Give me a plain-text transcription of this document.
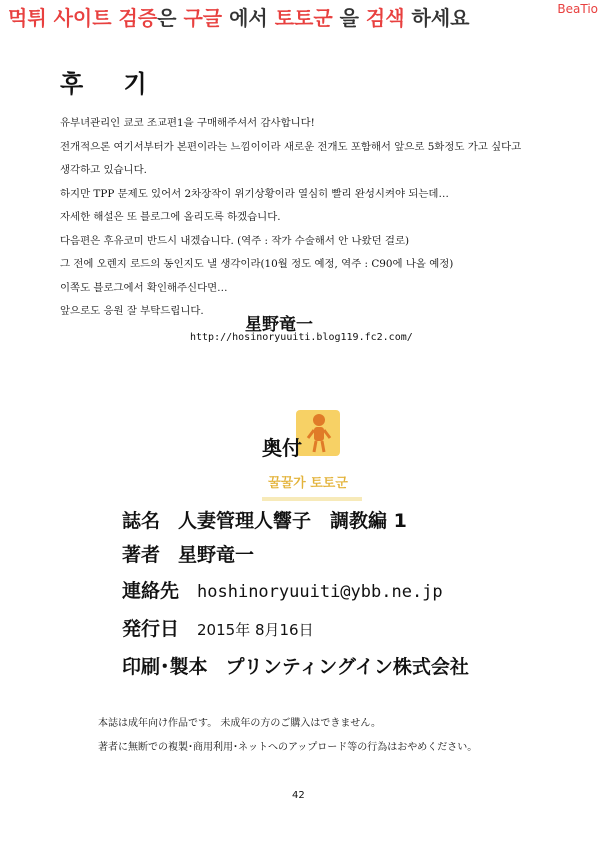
먹튀 사이트 검증은 구글 에서 토토군 을 검색 하세요	BeaTio
후 기
유부녀관리인 쿄코 조교편1을 구매해주셔서 감사합니다!
전개적으론 여기서부터가 본편이라는 느낌이이라 새로운 전개도 포함해서 앞으로 5화정도 가고 싶다고
생각하고 있습니다.
하지만 TPP 문제도 있어서 2차장작이 위기상황이라 열심히 빨리 완성시켜야 되는데…
자세한 해설은 또 블로그에 올리도록 하겠습니다.
다음편은 후유코미 반드시 내겠습니다. (역주 : 작가 수술해서 안 나왔던 걸로)
그 전에 오렌지 로드의 동인지도 낼 생각이라(10월 정도 예정, 역주 : C90에 나올 예정)
이쪽도 블로그에서 확인해주신다면…
앞으로도 응원 잘 부탁드립니다.
星野竜一
http://hosinoryuuiti.blog119.fc2.com/
奥付
꿀꿀가 토토군
誌名 人妻管理人響子　調教編 1
著者 星野竜一
連絡先 hoshinoryuuiti@ybb.ne.jp
発行日 2015年 8月16日
印刷･製本 プリンティングイン株式会社
本誌は成年向け作品です。 未成年の方のご購入はできません。
著者に無断での複製･商用利用･ネットへのアップロード等の行為はおやめください。
42
